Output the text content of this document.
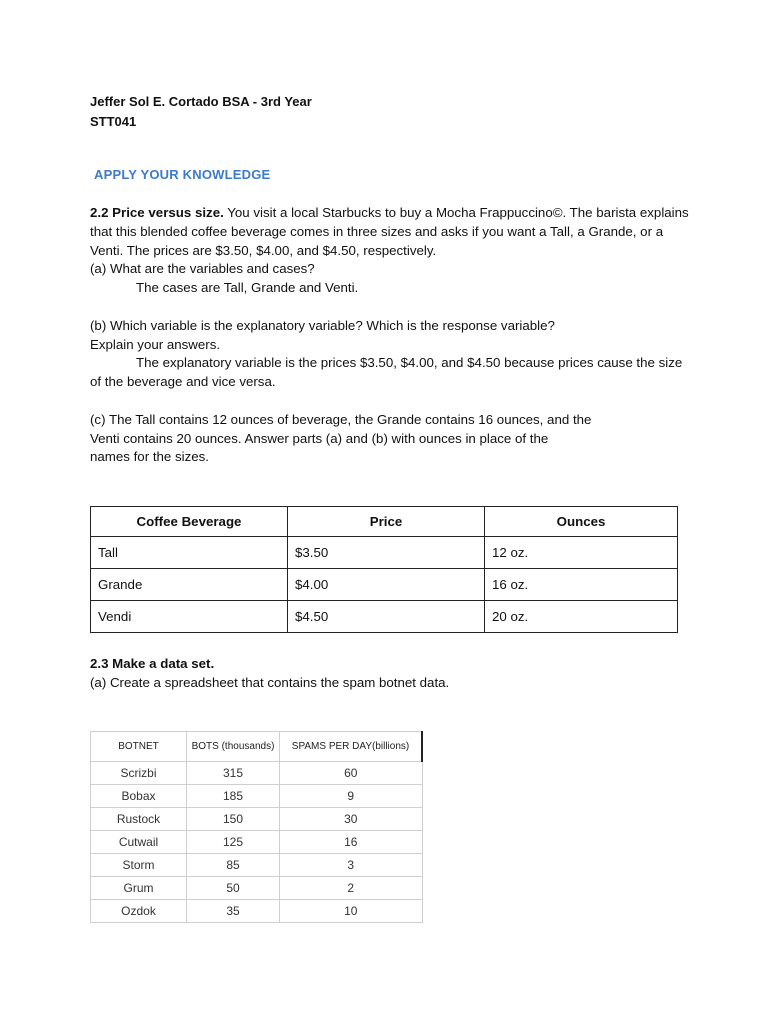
Jeffer Sol E. Cortado BSA - 3rd Year
STT041
APPLY YOUR KNOWLEDGE

2.2 Price versus size. You visit a local Starbucks to buy a Mocha Frappuccino©. The barista explains that this blended coffee beverage comes in three sizes and asks if you want a Tall, a Grande, or a Venti. The prices are $3.50, $4.00, and $4.50, respectively.

(a) What are the variables and cases?

The cases are Tall, Grande and Venti.

(b) Which variable is the explanatory variable? Which is the response variable?

Explain your answers.

The explanatory variable is the prices $3.50, $4.00, and $4.50 because prices cause the size of the beverage and vice versa.

(c) The Tall contains 12 ounces of beverage, the Grande contains 16 ounces, and the

Venti contains 20 ounces. Answer parts (a) and (b) with ounces in place of the

names for the sizes.

Coffee Beverage	Price	Ounces
Tall	$3.50	12 oz.
Grande	$4.00	16 oz.
Vendi	$4.50	20 oz.

2.3 Make a data set.

(a) Create a spreadsheet that contains the spam botnet data.

BOTNET	BOTS (thousands)	SPAMS PER DAY(billions)
Scrizbi	315	60
Bobax	185	9
Rustock	150	30
Cutwail	125	16
Storm	85	3
Grum	50	2
Ozdok	35	10
